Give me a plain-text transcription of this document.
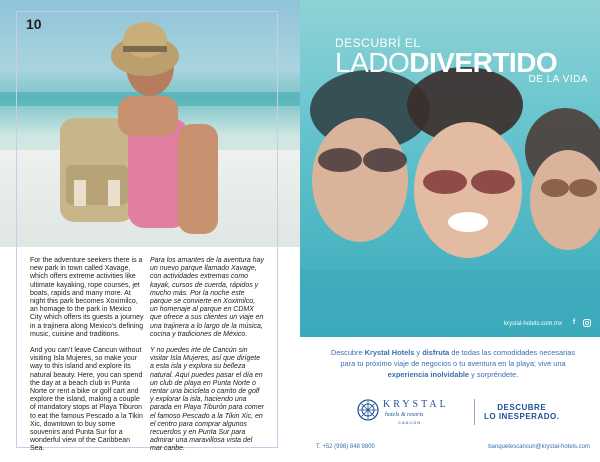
10

For the adventure seekers there is a new park in town called Xavage, which offers extreme activities like ultimate kayaking, rope courses, jet boats, rapids and many more. At night this park becomes Xoximilco, an homage to the park in Mexico City which offers its guests a journey in a trajinera along Mexico’s defining music, cuisine and traditions.

And you can’t leave Cancun without visiting Isla Mujeres, so make your way to this island and explore its natural beauty. Here, you can spend the day at a beach club in Punta Norte or rent a bike or golf cart and explore the island, making a couple of mandatory stops at Playa Tiburon to eat the famous Pescado a la Tikin Xic, downtown to buy some souvenirs and Punta Sur for a wonderful view of the Caribbean Sea.

Para los amantes de la aventura hay un nuevo parque llamado Xavage, con actividades extremas como kayak, cursos de cuerda, rápidos y mucho más. Por la noche este parque se convierte en Xoximilco, un homenaje al parque en CDMX que ofrece a sus clientes un viaje en una trajinera a lo largo de la música, cocina y tradiciones de México.

Y no puedes irte de Cancún sin visitar Isla Mujeres, así que dirígete a esta isla y explora su belleza natural. Aquí puedes pasar el día en un club de playa en Punta Norte o rentar una bicicleta o carrito de golf y explorar la isla, haciendo una parada en Playa Tiburón para comer el famoso Pescado a la Tikin Xic, en el centro para comprar algunos recuerdos y en Punta Sur para admirar una maravillosa vista del mar caribe.

DESCUBRÍ EL
LADODIVERTIDO
DE LA VIDA
krystal-hotels.com.mx	f
Descubre Krystal Hotels y disfruta de todas las comodidades necesarias para tu próximo viaje de negocios o tu aventura en la playa; vive una experiencia inolvidable y sorpréndete.
KRYSTAL
hotels & resorts
CANCÚN
DESCUBRE
LO INESPERADO.
T. +52 (998) 848 9800	banquetescancun@krystal-hotels.com
